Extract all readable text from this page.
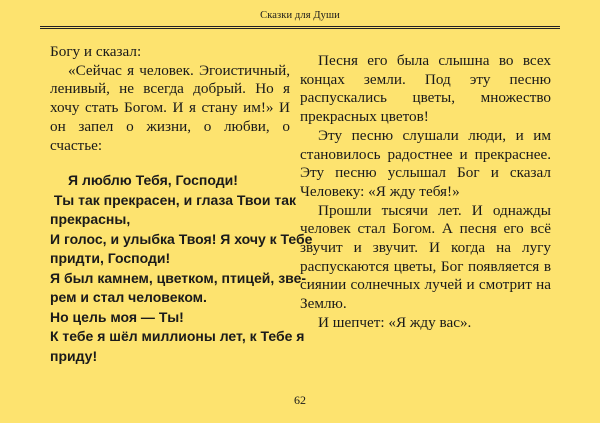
Сказки для Души

Богу и сказал:

«Сейчас я человек. Эгоистичный, ленивый, не всегда добрый. Но я хочу стать Богом. И я стану им!» И он запел о жизни, о любви, о счастье:

Я люблю Тебя, Господи!
Ты так прекрасен, и глаза Твои так
прекрасны,
И голос, и улыбка Твоя! Я хочу к Тебе
придти, Господи!
Я был камнем, цветком, птицей, зве-
рем и стал человеком.
Но цель моя — Ты!
К тебе я шёл миллионы лет, к Тебе я
приду!

Песня его была слышна во всех концах земли. Под эту песню распускались цветы, множество прекрасных цветов!

Эту песню слушали люди, и им становилось радостнее и прекраснее. Эту песню услышал Бог и сказал Человеку: «Я жду тебя!»

Прошли тысячи лет. И однажды человек стал Богом. А песня его всё звучит и звучит. И когда на лугу распускаются цветы, Бог появляется в сиянии солнечных лучей и смотрит на Землю.

И шепчет: «Я жду вас».

62
